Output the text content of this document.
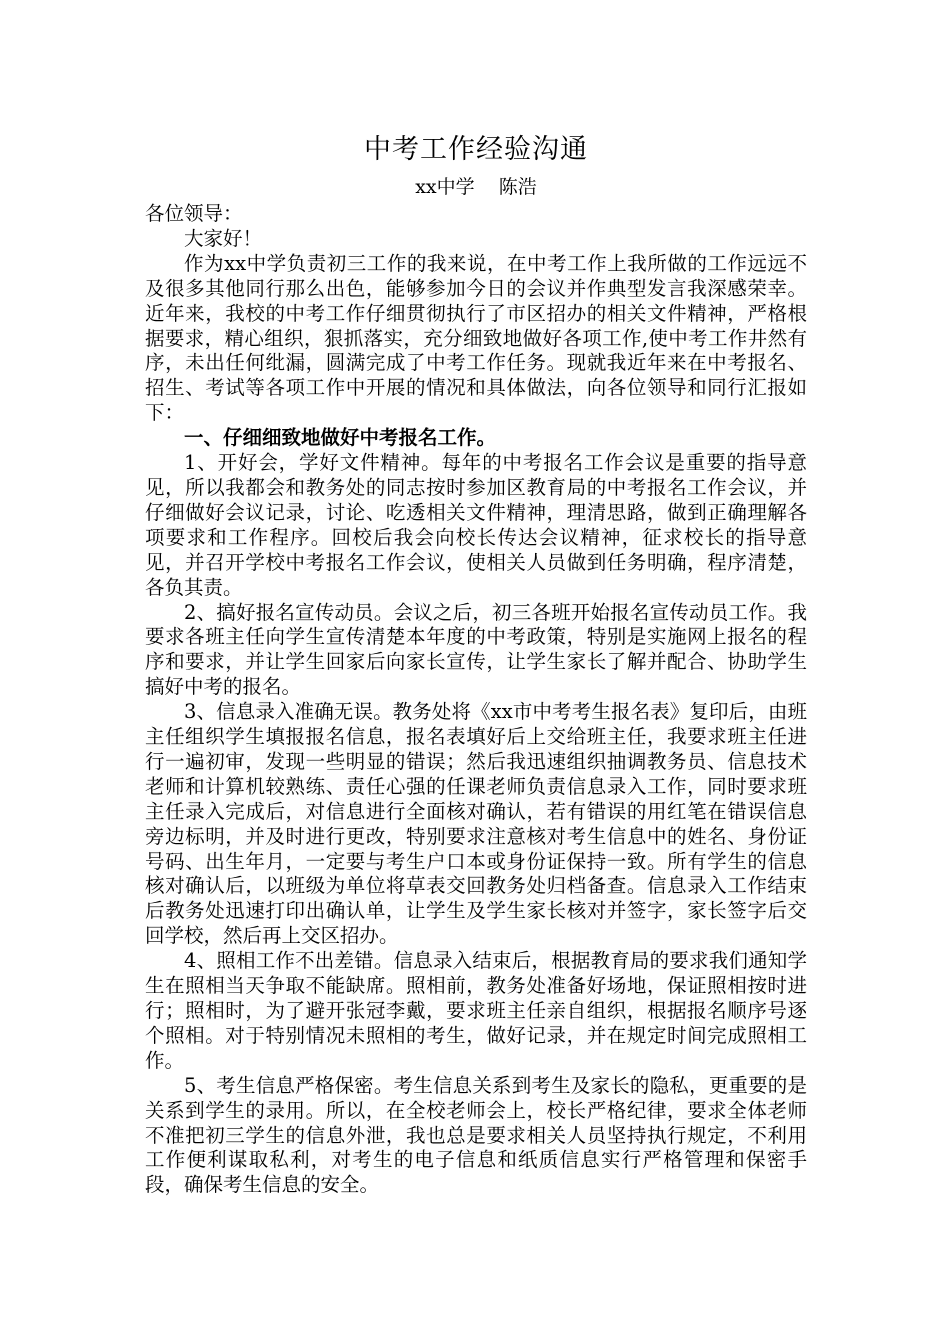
中考工作经验沟通
xx中学    陈浩

各位领导：

大家好！

作为xx中学负责初三工作的我来说，在中考工作上我所做的工作远远不及很多其他同行那么出色，能够参加今日的会议并作典型发言我深感荣幸。近年来，我校的中考工作仔细贯彻执行了市区招办的相关文件精神，严格根据要求，精心组织，狠抓落实，充分细致地做好各项工作,使中考工作井然有序，未出任何纰漏，圆满完成了中考工作任务。现就我近年来在中考报名、招生、考试等各项工作中开展的情况和具体做法，向各位领导和同行汇报如下：

一、仔细细致地做好中考报名工作。

1、开好会，学好文件精神。每年的中考报名工作会议是重要的指导意见，所以我都会和教务处的同志按时参加区教育局的中考报名工作会议，并仔细做好会议记录，讨论、吃透相关文件精神，理清思路，做到正确理解各项要求和工作程序。回校后我会向校长传达会议精神，征求校长的指导意见，并召开学校中考报名工作会议，使相关人员做到任务明确，程序清楚，各负其责。

2、搞好报名宣传动员。会议之后，初三各班开始报名宣传动员工作。我要求各班主任向学生宣传清楚本年度的中考政策，特别是实施网上报名的程序和要求，并让学生回家后向家长宣传，让学生家长了解并配合、协助学生搞好中考的报名。

3、信息录入准确无误。教务处将《xx市中考考生报名表》复印后，由班主任组织学生填报报名信息，报名表填好后上交给班主任，我要求班主任进行一遍初审，发现一些明显的错误；然后我迅速组织抽调教务员、信息技术老师和计算机较熟练、责任心强的任课老师负责信息录入工作，同时要求班主任录入完成后，对信息进行全面核对确认，若有错误的用红笔在错误信息旁边标明，并及时进行更改，特别要求注意核对考生信息中的姓名、身份证号码、出生年月，一定要与考生户口本或身份证保持一致。所有学生的信息核对确认后，以班级为单位将草表交回教务处归档备查。信息录入工作结束后教务处迅速打印出确认单，让学生及学生家长核对并签字，家长签字后交回学校，然后再上交区招办。

4、照相工作不出差错。信息录入结束后，根据教育局的要求我们通知学生在照相当天争取不能缺席。照相前，教务处准备好场地，保证照相按时进行；照相时，为了避开张冠李戴，要求班主任亲自组织，根据报名顺序号逐个照相。对于特别情况未照相的考生，做好记录，并在规定时间完成照相工作。

5、考生信息严格保密。考生信息关系到考生及家长的隐私，更重要的是关系到学生的录用。所以，在全校老师会上，校长严格纪律，要求全体老师不准把初三学生的信息外泄，我也总是要求相关人员坚持执行规定，不利用工作便利谋取私利，对考生的电子信息和纸质信息实行严格管理和保密手段，确保考生信息的安全。
